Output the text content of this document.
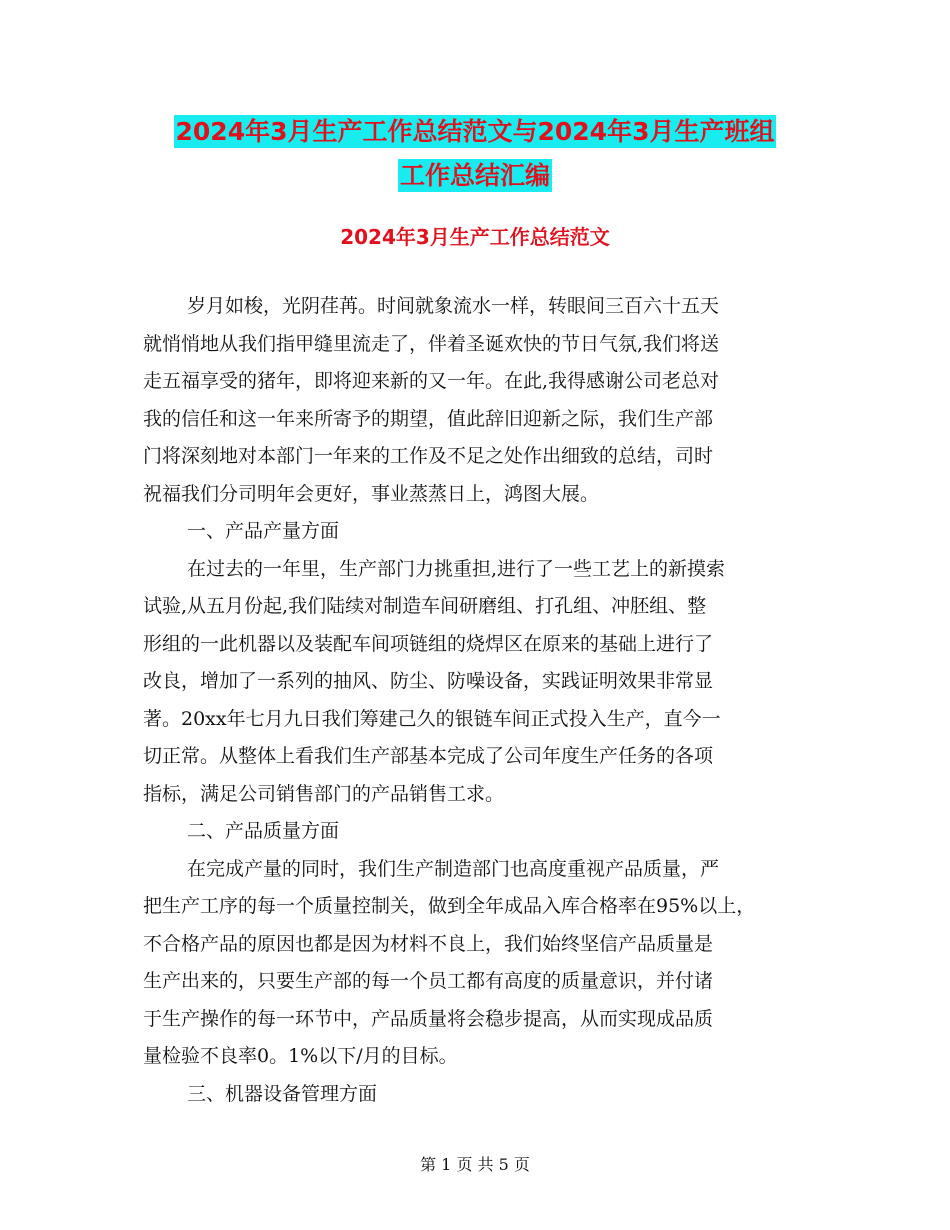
2024年3月生产工作总结范文与2024年3月生产班组
工作总结汇编
2024年3月生产工作总结范文
岁月如梭，光阴荏苒。时间就象流水一样，转眼间三百六十五天
就悄悄地从我们指甲缝里流走了，伴着圣诞欢快的节日气氛,我们将送
走五福享受的猪年，即将迎来新的又一年。在此,我得感谢公司老总对
我的信任和这一年来所寄予的期望，值此辞旧迎新之际，我们生产部
门将深刻地对本部门一年来的工作及不足之处作出细致的总结，司时
祝福我们分司明年会更好，事业蒸蒸日上，鸿图大展。
一、产品产量方面
在过去的一年里，生产部门力挑重担,进行了一些工艺上的新摸索
试验,从五月份起,我们陆续对制造车间研磨组、打孔组、冲胚组、整
形组的一此机器以及装配车间项链组的烧焊区在原来的基础上进行了
改良，增加了一系列的抽风、防尘、防噪设备，实践证明效果非常显
著。20xx年七月九日我们筹建己久的银链车间正式投入生产，直今一
切正常。从整体上看我们生产部基本完成了公司年度生产任务的各项
指标，满足公司销售部门的产品销售工求。
二、产品质量方面
在完成产量的同时，我们生产制造部门也高度重视产品质量，严
把生产工序的每一个质量控制关，做到全年成品入库合格率在95%以上，
不合格产品的原因也都是因为材料不良上，我们始终坚信产品质量是
生产出来的，只要生产部的每一个员工都有高度的质量意识，并付诸
于生产操作的每一环节中，产品质量将会稳步提高，从而实现成品质
量检验不良率0。1%以下/月的目标。
三、机器设备管理方面
第 1 页 共 5 页
